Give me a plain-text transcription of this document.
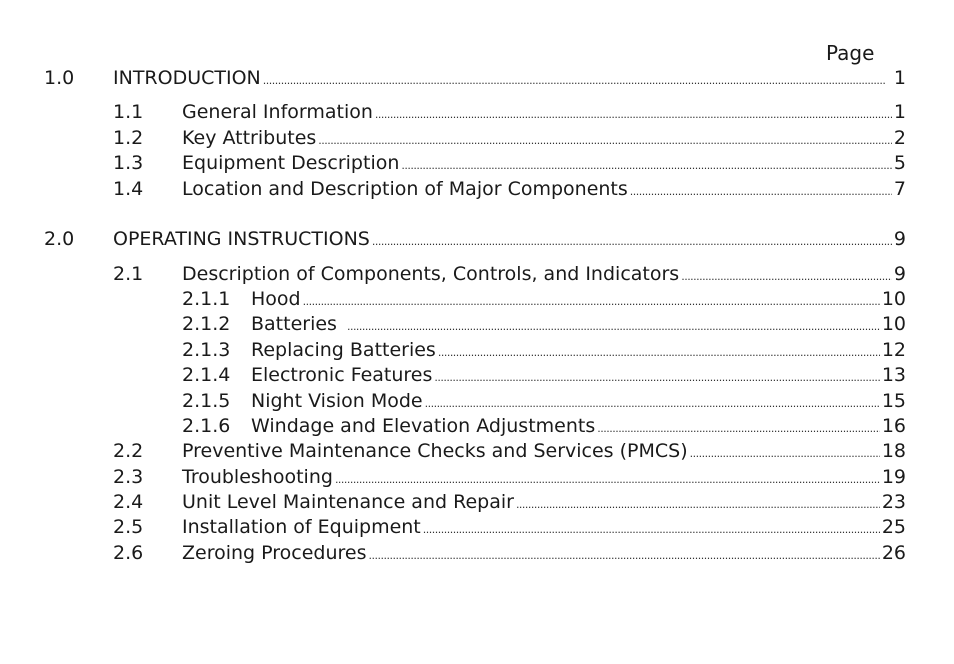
Page
1.0 INTRODUCTION . . .	1
1.1 General Information . . .	1
1.2 Key Attributes . . .	2
1.3 Equipment Description . . .	5
1.4 Location and Description of Major Components . . .	7
2.0 OPERATING INSTRUCTIONS . . .	9
2.1 Description of Components, Controls, and Indicators . . .	9
2.1.1 Hood . . .	10
2.1.2 Batteries . . .	10
2.1.3 Replacing Batteries . . .	12
2.1.4 Electronic Features . . .	13
2.1.5 Night Vision Mode . . .	15
2.1.6 Windage and Elevation Adjustments . . .	16
2.2 Preventive Maintenance Checks and Services (PMCS) . . .	18
2.3 Troubleshooting . . .	19
2.4 Unit Level Maintenance and Repair . . .	23
2.5 Installation of Equipment . . .	25
2.6 Zeroing Procedures . . .	26
